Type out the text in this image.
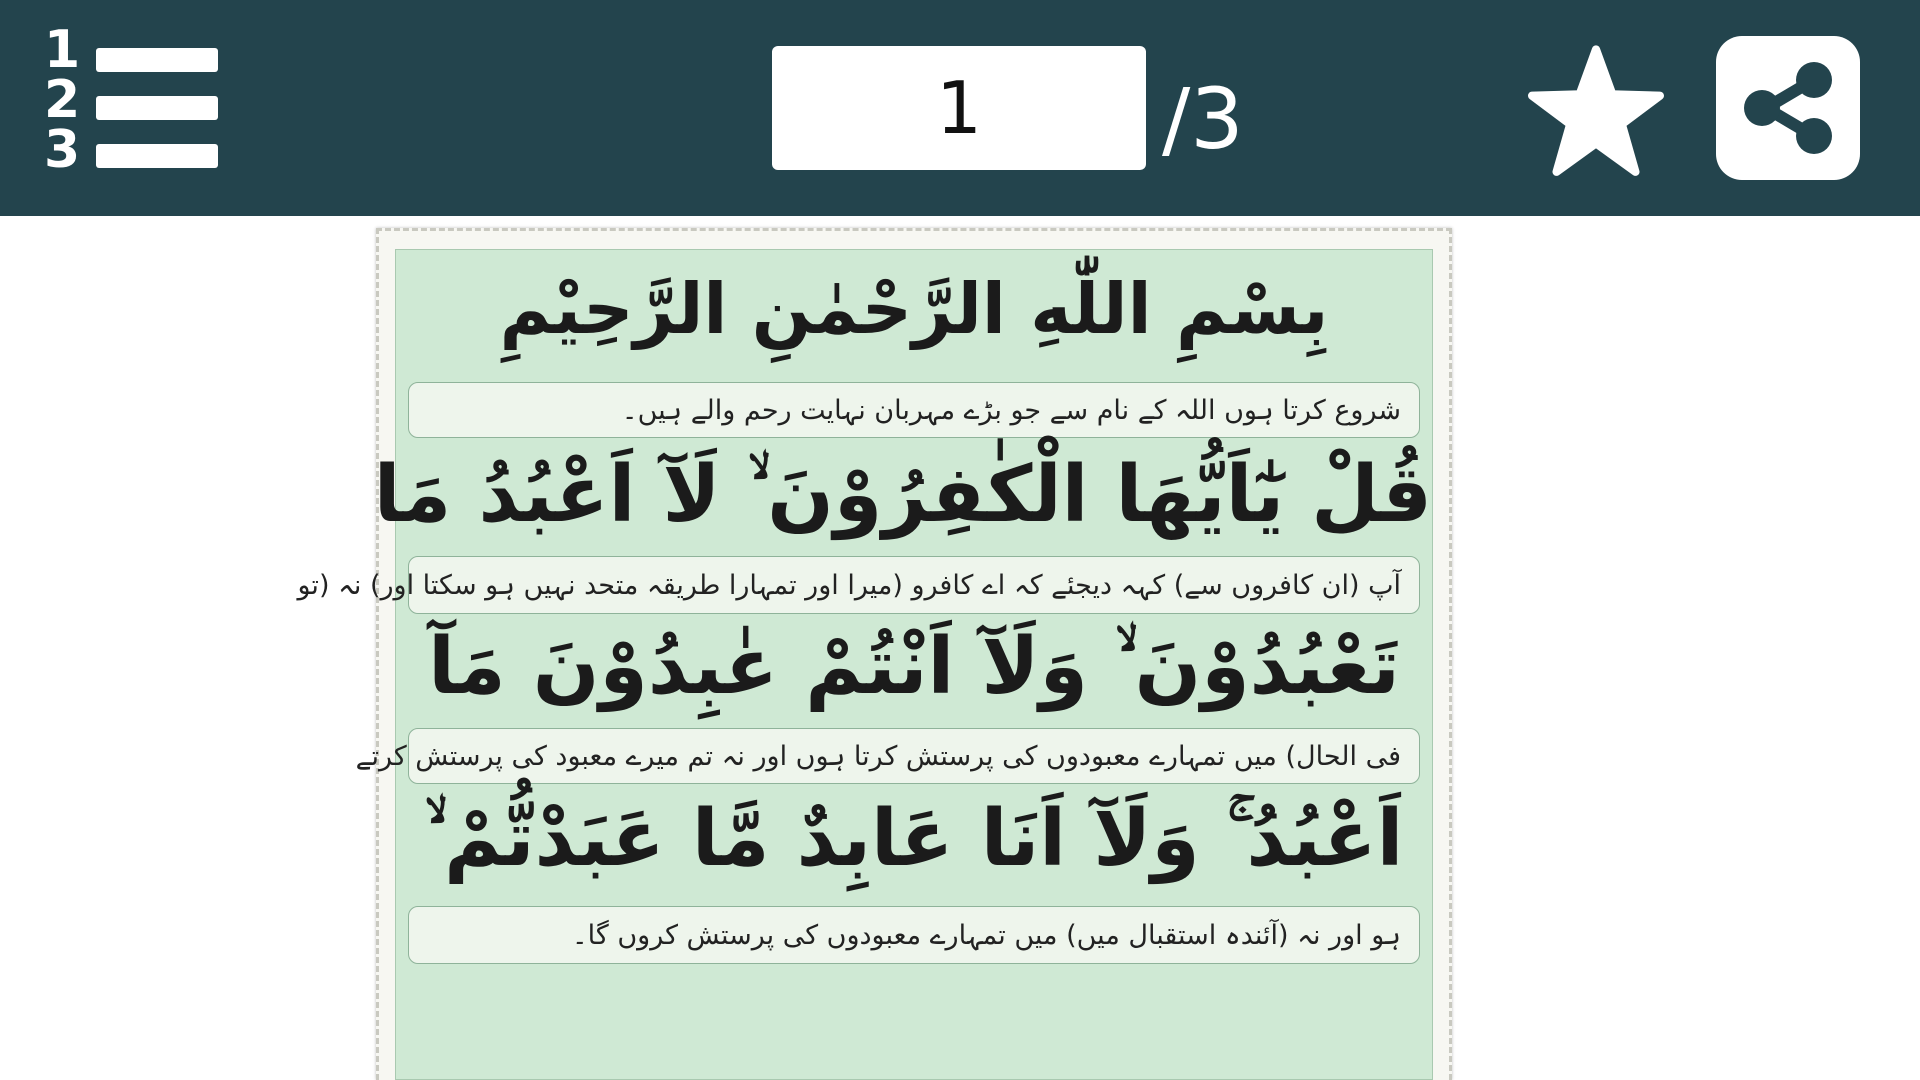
1
2
3
1	/3
بِسْمِ اللّٰهِ الرَّحْمٰنِ الرَّحِيْمِ
شروع کرتا ہوں اللہ کے نام سے جو بڑے مہربان نہایت رحم والے ہیں۔
قُلْ يٰٓاَيُّهَا الْكٰفِرُوْنَ ۙ لَآ اَعْبُدُ مَا
آپ (ان کافروں سے) کہہ دیجئے کہ اے کافرو (میرا اور تمہارا طریقہ متحد نہیں ہو سکتا اور) نہ (تو
تَعْبُدُوْنَ ۙ وَلَآ اَنْتُمْ عٰبِدُوْنَ مَآ
فی الحال) میں تمہارے معبودوں کی پرستش کرتا ہوں اور نہ تم میرے معبود کی پرستش کرتے
اَعْبُدُ ۚ وَلَآ اَنَا عَابِدٌ مَّا عَبَدْتُّمْ ۙ
ہو اور نہ (آئندہ استقبال میں) میں تمہارے معبودوں کی پرستش کروں گا۔
